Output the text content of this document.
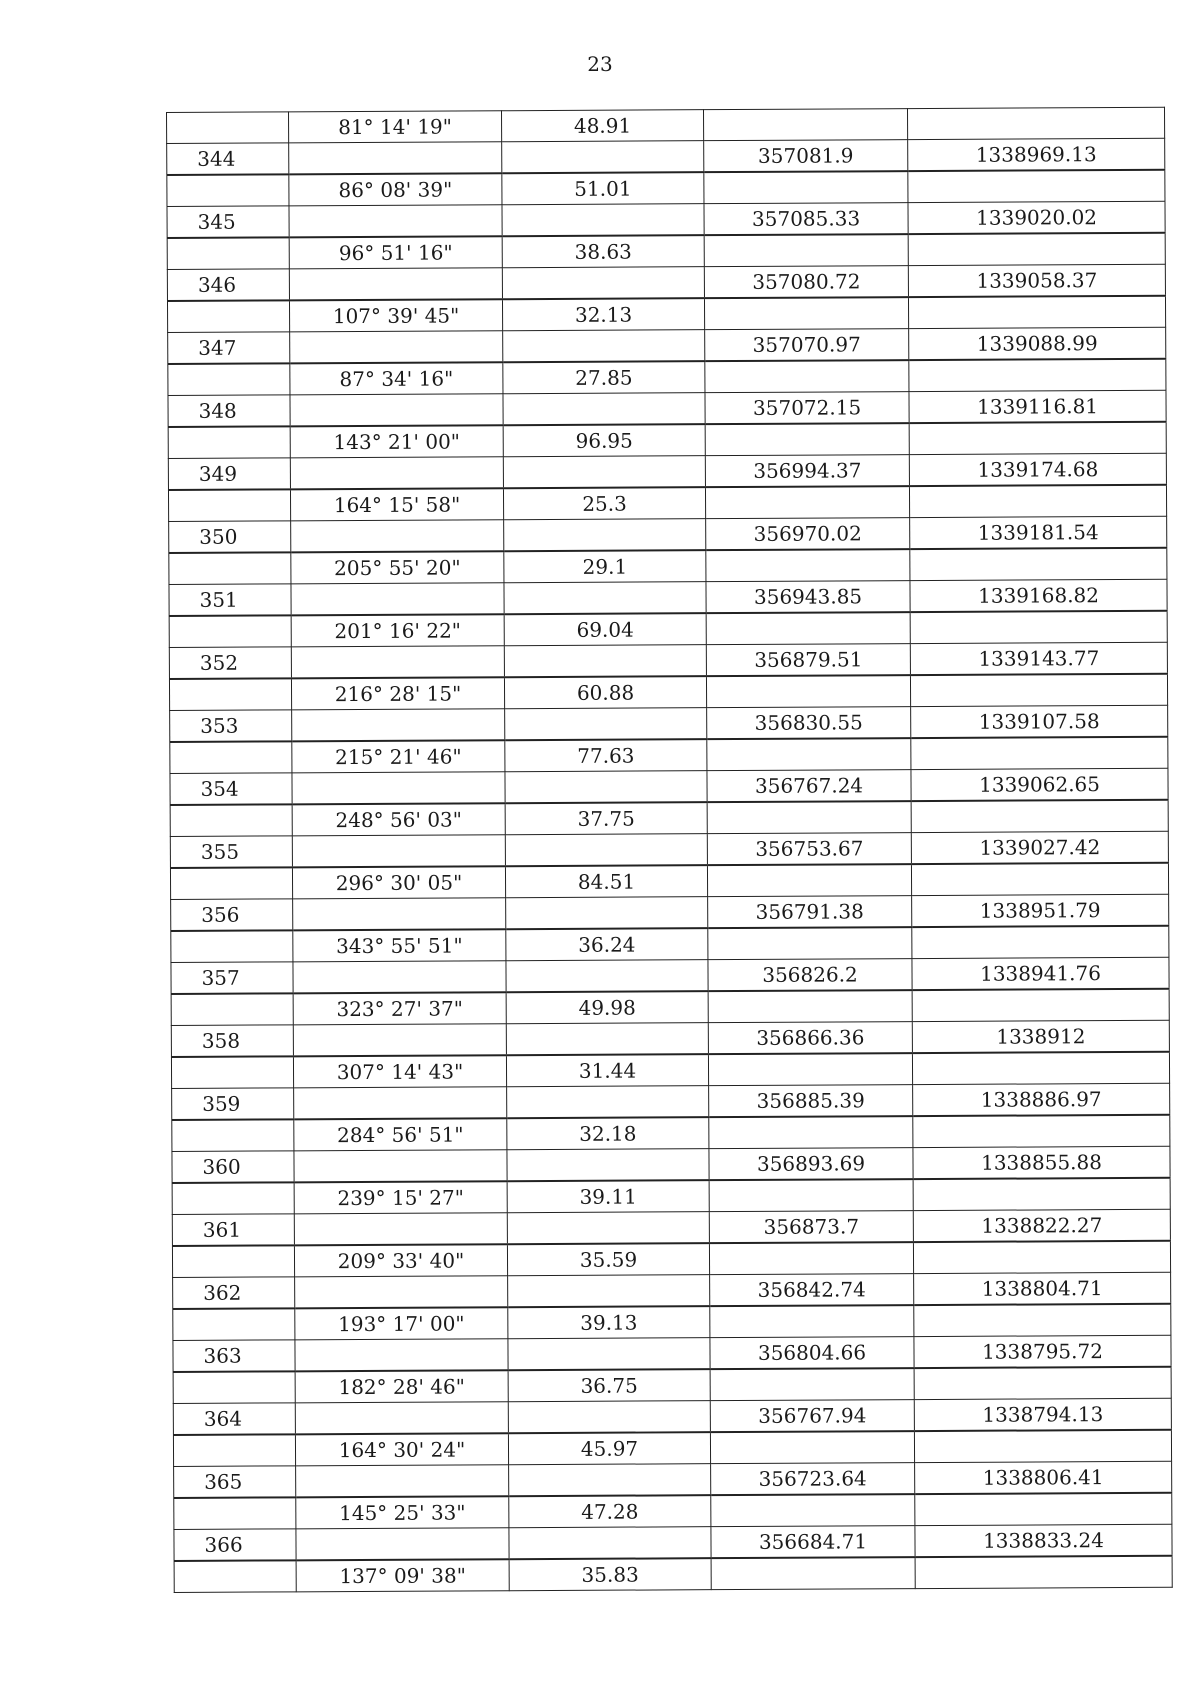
23
	81° 14' 19"	48.91		
344			357081.9	1338969.13
	86° 08' 39"	51.01		
345			357085.33	1339020.02
	96° 51' 16"	38.63		
346			357080.72	1339058.37
	107° 39' 45"	32.13		
347			357070.97	1339088.99
	87° 34' 16"	27.85		
348			357072.15	1339116.81
	143° 21' 00"	96.95		
349			356994.37	1339174.68
	164° 15' 58"	25.3		
350			356970.02	1339181.54
	205° 55' 20"	29.1		
351			356943.85	1339168.82
	201° 16' 22"	69.04		
352			356879.51	1339143.77
	216° 28' 15"	60.88		
353			356830.55	1339107.58
	215° 21' 46"	77.63		
354			356767.24	1339062.65
	248° 56' 03"	37.75		
355			356753.67	1339027.42
	296° 30' 05"	84.51		
356			356791.38	1338951.79
	343° 55' 51"	36.24		
357			356826.2	1338941.76
	323° 27' 37"	49.98		
358			356866.36	1338912
	307° 14' 43"	31.44		
359			356885.39	1338886.97
	284° 56' 51"	32.18		
360			356893.69	1338855.88
	239° 15' 27"	39.11		
361			356873.7	1338822.27
	209° 33' 40"	35.59		
362			356842.74	1338804.71
	193° 17' 00"	39.13		
363			356804.66	1338795.72
	182° 28' 46"	36.75		
364			356767.94	1338794.13
	164° 30' 24"	45.97		
365			356723.64	1338806.41
	145° 25' 33"	47.28		
366			356684.71	1338833.24
	137° 09' 38"	35.83		
